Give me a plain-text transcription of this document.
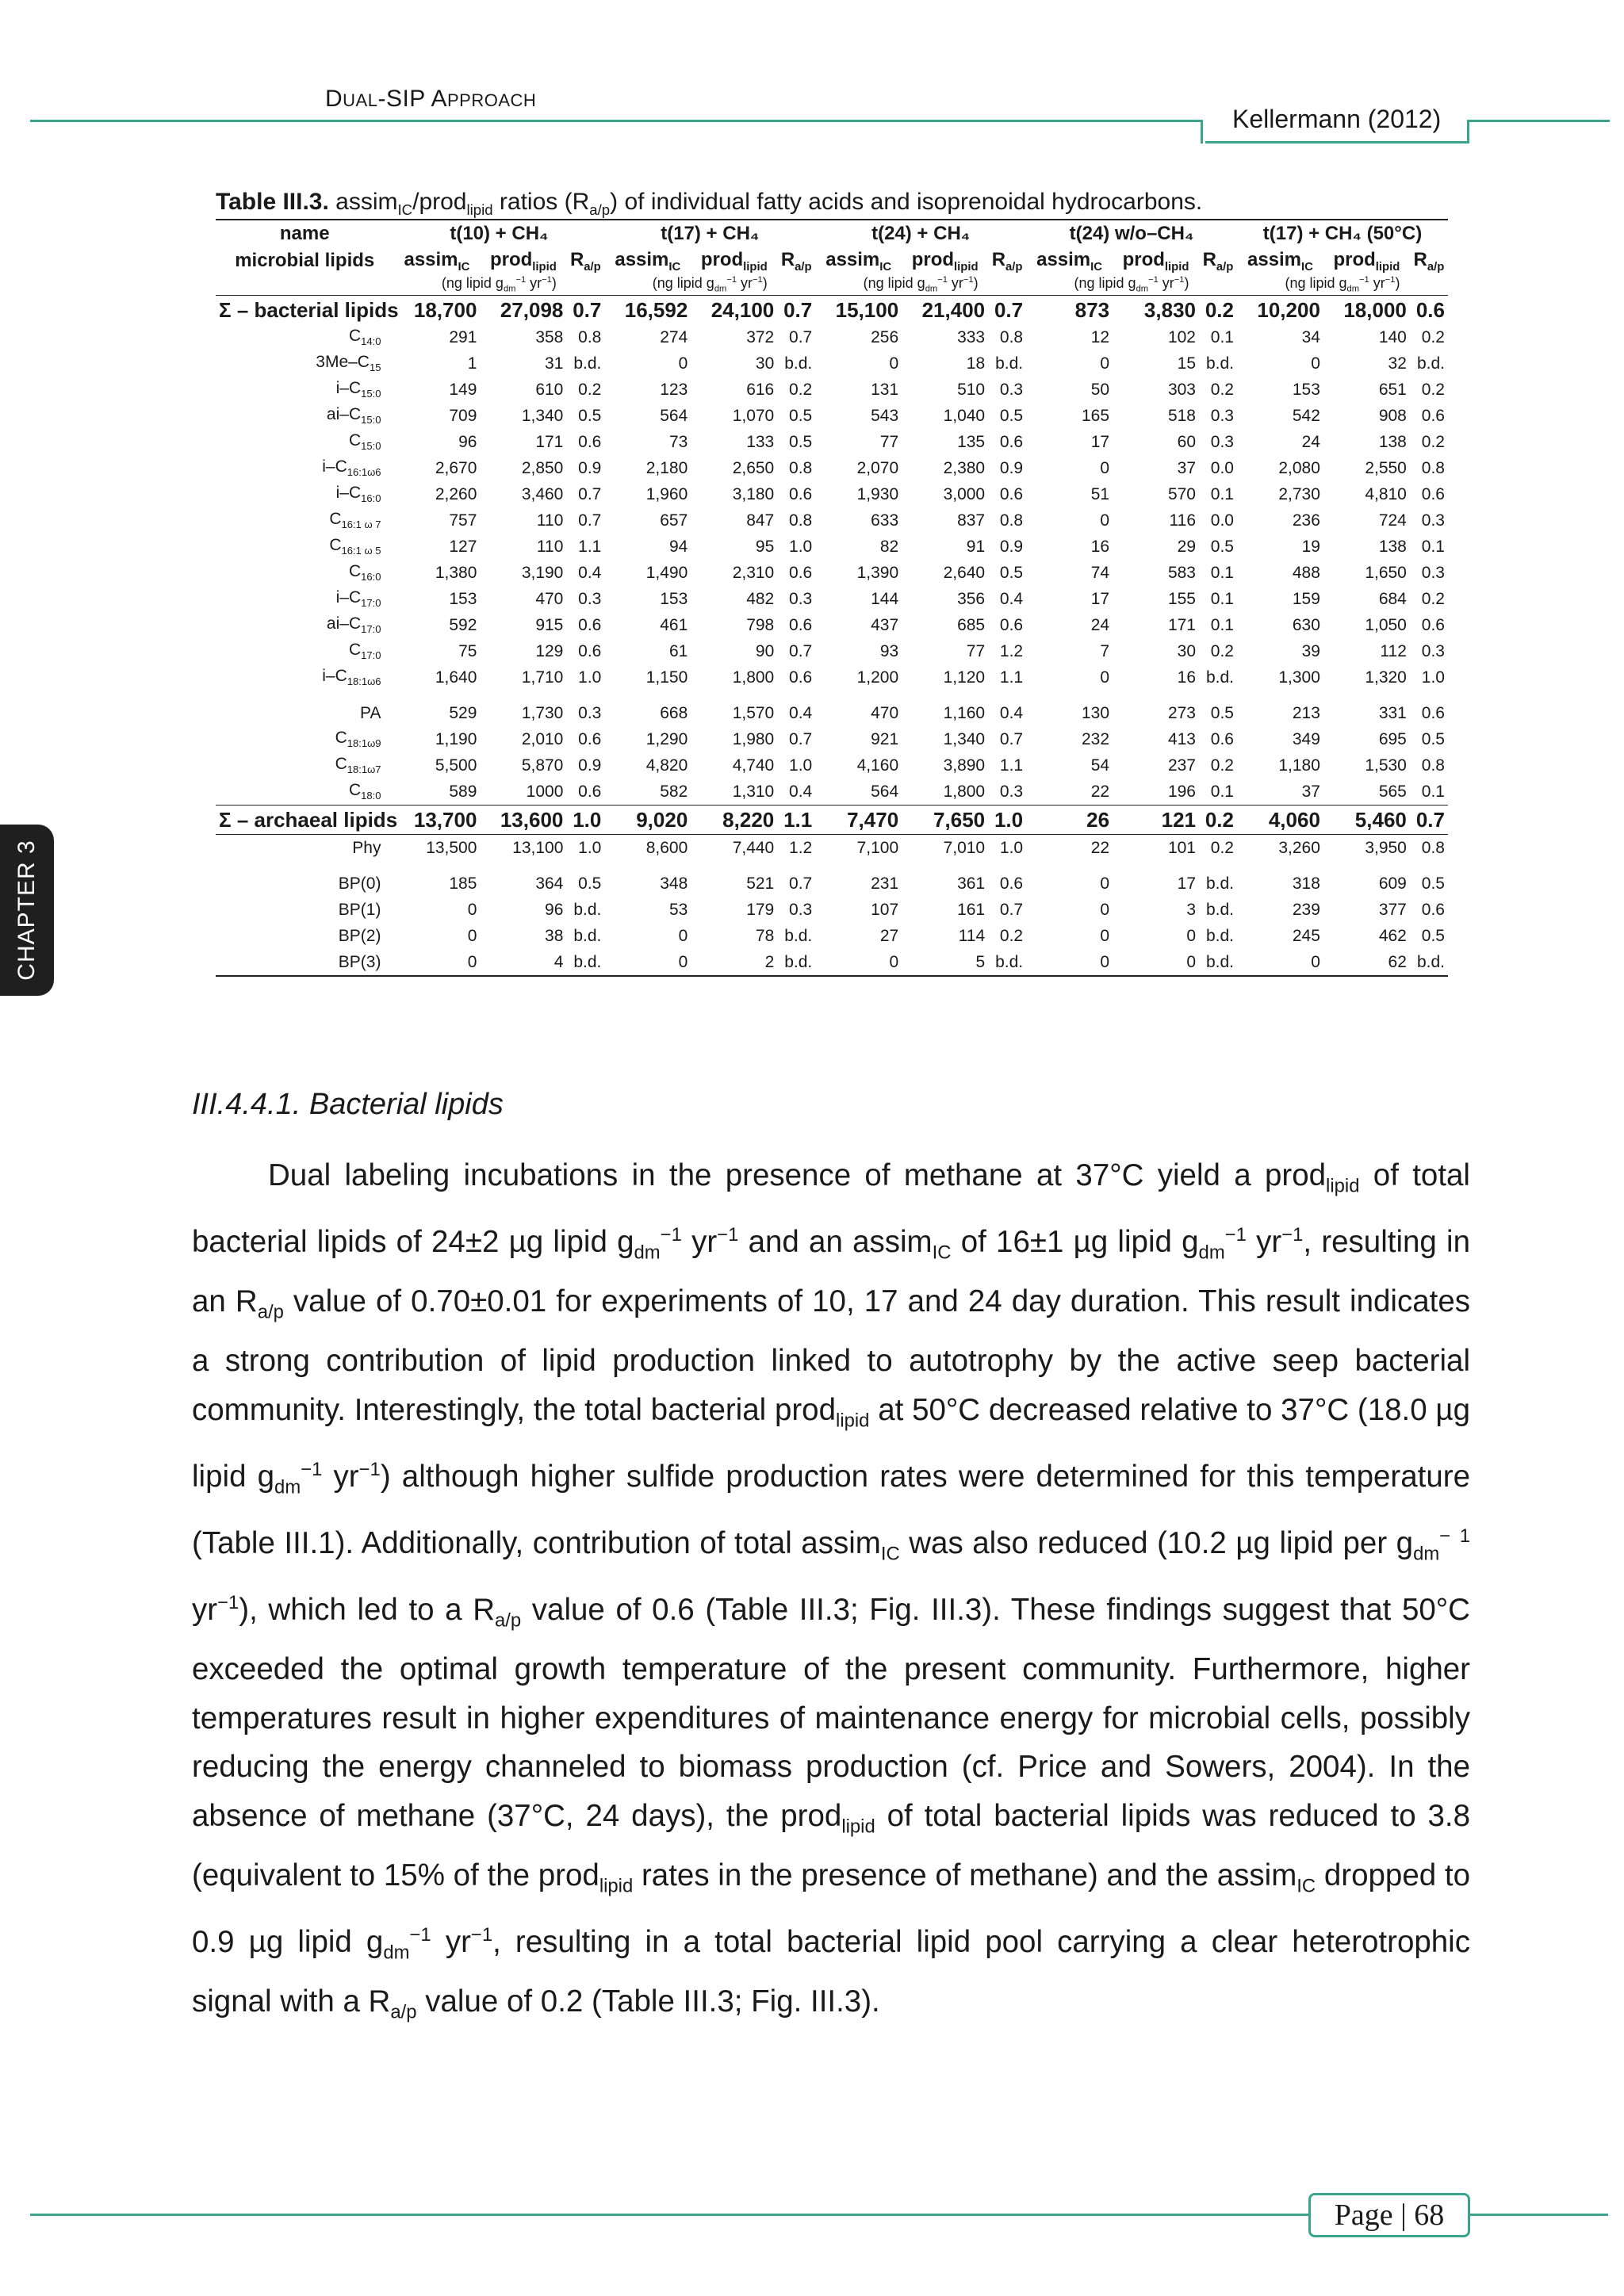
DUAL-SIP APPROACH
Kellermann (2012)
CHAPTER 3
Table III.3. assim$_{IC}$/prod$_{lipid}$ ratios $(R_{a/p})$ of individual fatty acids and isoprenoidal hydrocarbons.
name	t(10) + CH₄			t(17) + CH₄			t(24) + CH₄			t(24) w/o–CH₄			t(17) + CH₄ (50°C)		
microbial lipids	assim$_{IC}$	prod$_{lipid}$	$R_{a/p}$	assim$_{IC}$	prod$_{lipid}$	$R_{a/p}$	assim$_{IC}$	prod$_{lipid}$	$R_{a/p}$	assim$_{IC}$	prod$_{lipid}$	$R_{a/p}$	assim$_{IC}$	prod$_{lipid}$	$R_{a/p}$
	(ng lipid $g_{dm}^{-1}$ $yr^{-1}$)			(ng lipid $g_{dm}^{-1}$ $yr^{-1}$)			(ng lipid $g_{dm}^{-1}$ $yr^{-1}$)			(ng lipid $g_{dm}^{-1}$ $yr^{-1}$)			(ng lipid $g_{dm}^{-1}$ $yr^{-1}$)		
Σ – bacterial lipids	18,700	27,098	0.7	16,592	24,100	0.7	15,100	21,400	0.7	873	3,830	0.2	10,200	18,000	0.6
$C_{14:0}$	291	358	0.8	274	372	0.7	256	333	0.8	12	102	0.1	34	140	0.2
$3Me-C_{15}$	1	31	b.d.	0	30	b.d.	0	18	b.d.	0	15	b.d.	0	32	b.d.
$i-C_{15:0}$	149	610	0.2	123	616	0.2	131	510	0.3	50	303	0.2	153	651	0.2
$ai-C_{15:0}$	709	1,340	0.5	564	1,070	0.5	543	1,040	0.5	165	518	0.3	542	908	0.6
$C_{15:0}$	96	171	0.6	73	133	0.5	77	135	0.6	17	60	0.3	24	138	0.2
$i-C_{16:1\omega 6}$	2,670	2,850	0.9	2,180	2,650	0.8	2,070	2,380	0.9	0	37	0.0	2,080	2,550	0.8
$i-C_{16:0}$	2,260	3,460	0.7	1,960	3,180	0.6	1,930	3,000	0.6	51	570	0.1	2,730	4,810	0.6
$C_{16:1 \omega 7}$	757	110	0.7	657	847	0.8	633	837	0.8	0	116	0.0	236	724	0.3
$C_{16:1 \omega 5}$	127	110	1.1	94	95	1.0	82	91	0.9	16	29	0.5	19	138	0.1
$C_{16:0}$	1,380	3,190	0.4	1,490	2,310	0.6	1,390	2,640	0.5	74	583	0.1	488	1,650	0.3
$i-C_{17:0}$	153	470	0.3	153	482	0.3	144	356	0.4	17	155	0.1	159	684	0.2
$ai-C_{17:0}$	592	915	0.6	461	798	0.6	437	685	0.6	24	171	0.1	630	1,050	0.6
$C_{17:0}$	75	129	0.6	61	90	0.7	93	77	1.2	7	30	0.2	39	112	0.3
$i-C_{18:1\omega 6}$	1,640	1,710	1.0	1,150	1,800	0.6	1,200	1,120	1.1	0	16	b.d.	1,300	1,320	1.0

PA	529	1,730	0.3	668	1,570	0.4	470	1,160	0.4	130	273	0.5	213	331	0.6
$C_{18:1\omega 9}$	1,190	2,010	0.6	1,290	1,980	0.7	921	1,340	0.7	232	413	0.6	349	695	0.5
$C_{18:1\omega 7}$	5,500	5,870	0.9	4,820	4,740	1.0	4,160	3,890	1.1	54	237	0.2	1,180	1,530	0.8
$C_{18:0}$	589	1000	0.6	582	1,310	0.4	564	1,800	0.3	22	196	0.1	37	565	0.1
Σ – archaeal lipids	13,700	13,600	1.0	9,020	8,220	1.1	7,470	7,650	1.0	26	121	0.2	4,060	5,460	0.7
Phy	13,500	13,100	1.0	8,600	7,440	1.2	7,100	7,010	1.0	22	101	0.2	3,260	3,950	0.8

BP(0)	185	364	0.5	348	521	0.7	231	361	0.6	0	17	b.d.	318	609	0.5
BP(1)	0	96	b.d.	53	179	0.3	107	161	0.7	0	3	b.d.	239	377	0.6
BP(2)	0	38	b.d.	0	78	b.d.	27	114	0.2	0	0	b.d.	245	462	0.5
BP(3)	0	4	b.d.	0	2	b.d.	0	5	b.d.	0	0	b.d.	0	62	b.d.
III.4.4.1. Bacterial lipids

Dual labeling incubations in the presence of methane at 37°C yield a prod$_{lipid}$ of total bacterial lipids of 24±2 µg lipid $g_{dm}^{-1}$ $yr^{-1}$ and an assim$_{IC}$ of 16±1 µg lipid $g_{dm}^{-1}$ $yr^{-1}$, resulting in an $R_{a/p}$ value of 0.70±0.01 for experiments of 10, 17 and 24 day duration. This result indicates a strong contribution of lipid production linked to autotrophy by the active seep bacterial community. Interestingly, the total bacterial prod$_{lipid}$ at 50°C decreased relative to 37°C (18.0 µg lipid $g_{dm}^{-1}$ $yr^{-1}$) although higher sulfide production rates were determined for this temperature (Table III.1). Additionally, contribution of total assim$_{IC}$ was also reduced (10.2 µg lipid per $g_{dm}^-$ $^1$ $yr^{-1}$), which led to a $R_{a/p}$ value of 0.6 (Table III.3; Fig. III.3). These findings suggest that 50°C exceeded the optimal growth temperature of the present community. Furthermore, higher temperatures result in higher expenditures of maintenance energy for microbial cells, possibly reducing the energy channeled to biomass production (cf. Price and Sowers, 2004). In the absence of methane (37°C, 24 days), the prod$_{lipid}$ of total bacterial lipids was reduced to 3.8 (equivalent to 15% of the prod$_{lipid}$ rates in the presence of methane) and the assim$_{IC}$ dropped to 0.9 µg lipid $g_{dm}^{-1}$ $yr^{-1}$, resulting in a total bacterial lipid pool carrying a clear heterotrophic signal with a $R_{a/p}$ value of 0.2 (Table III.3; Fig. III.3).

Page | 68
